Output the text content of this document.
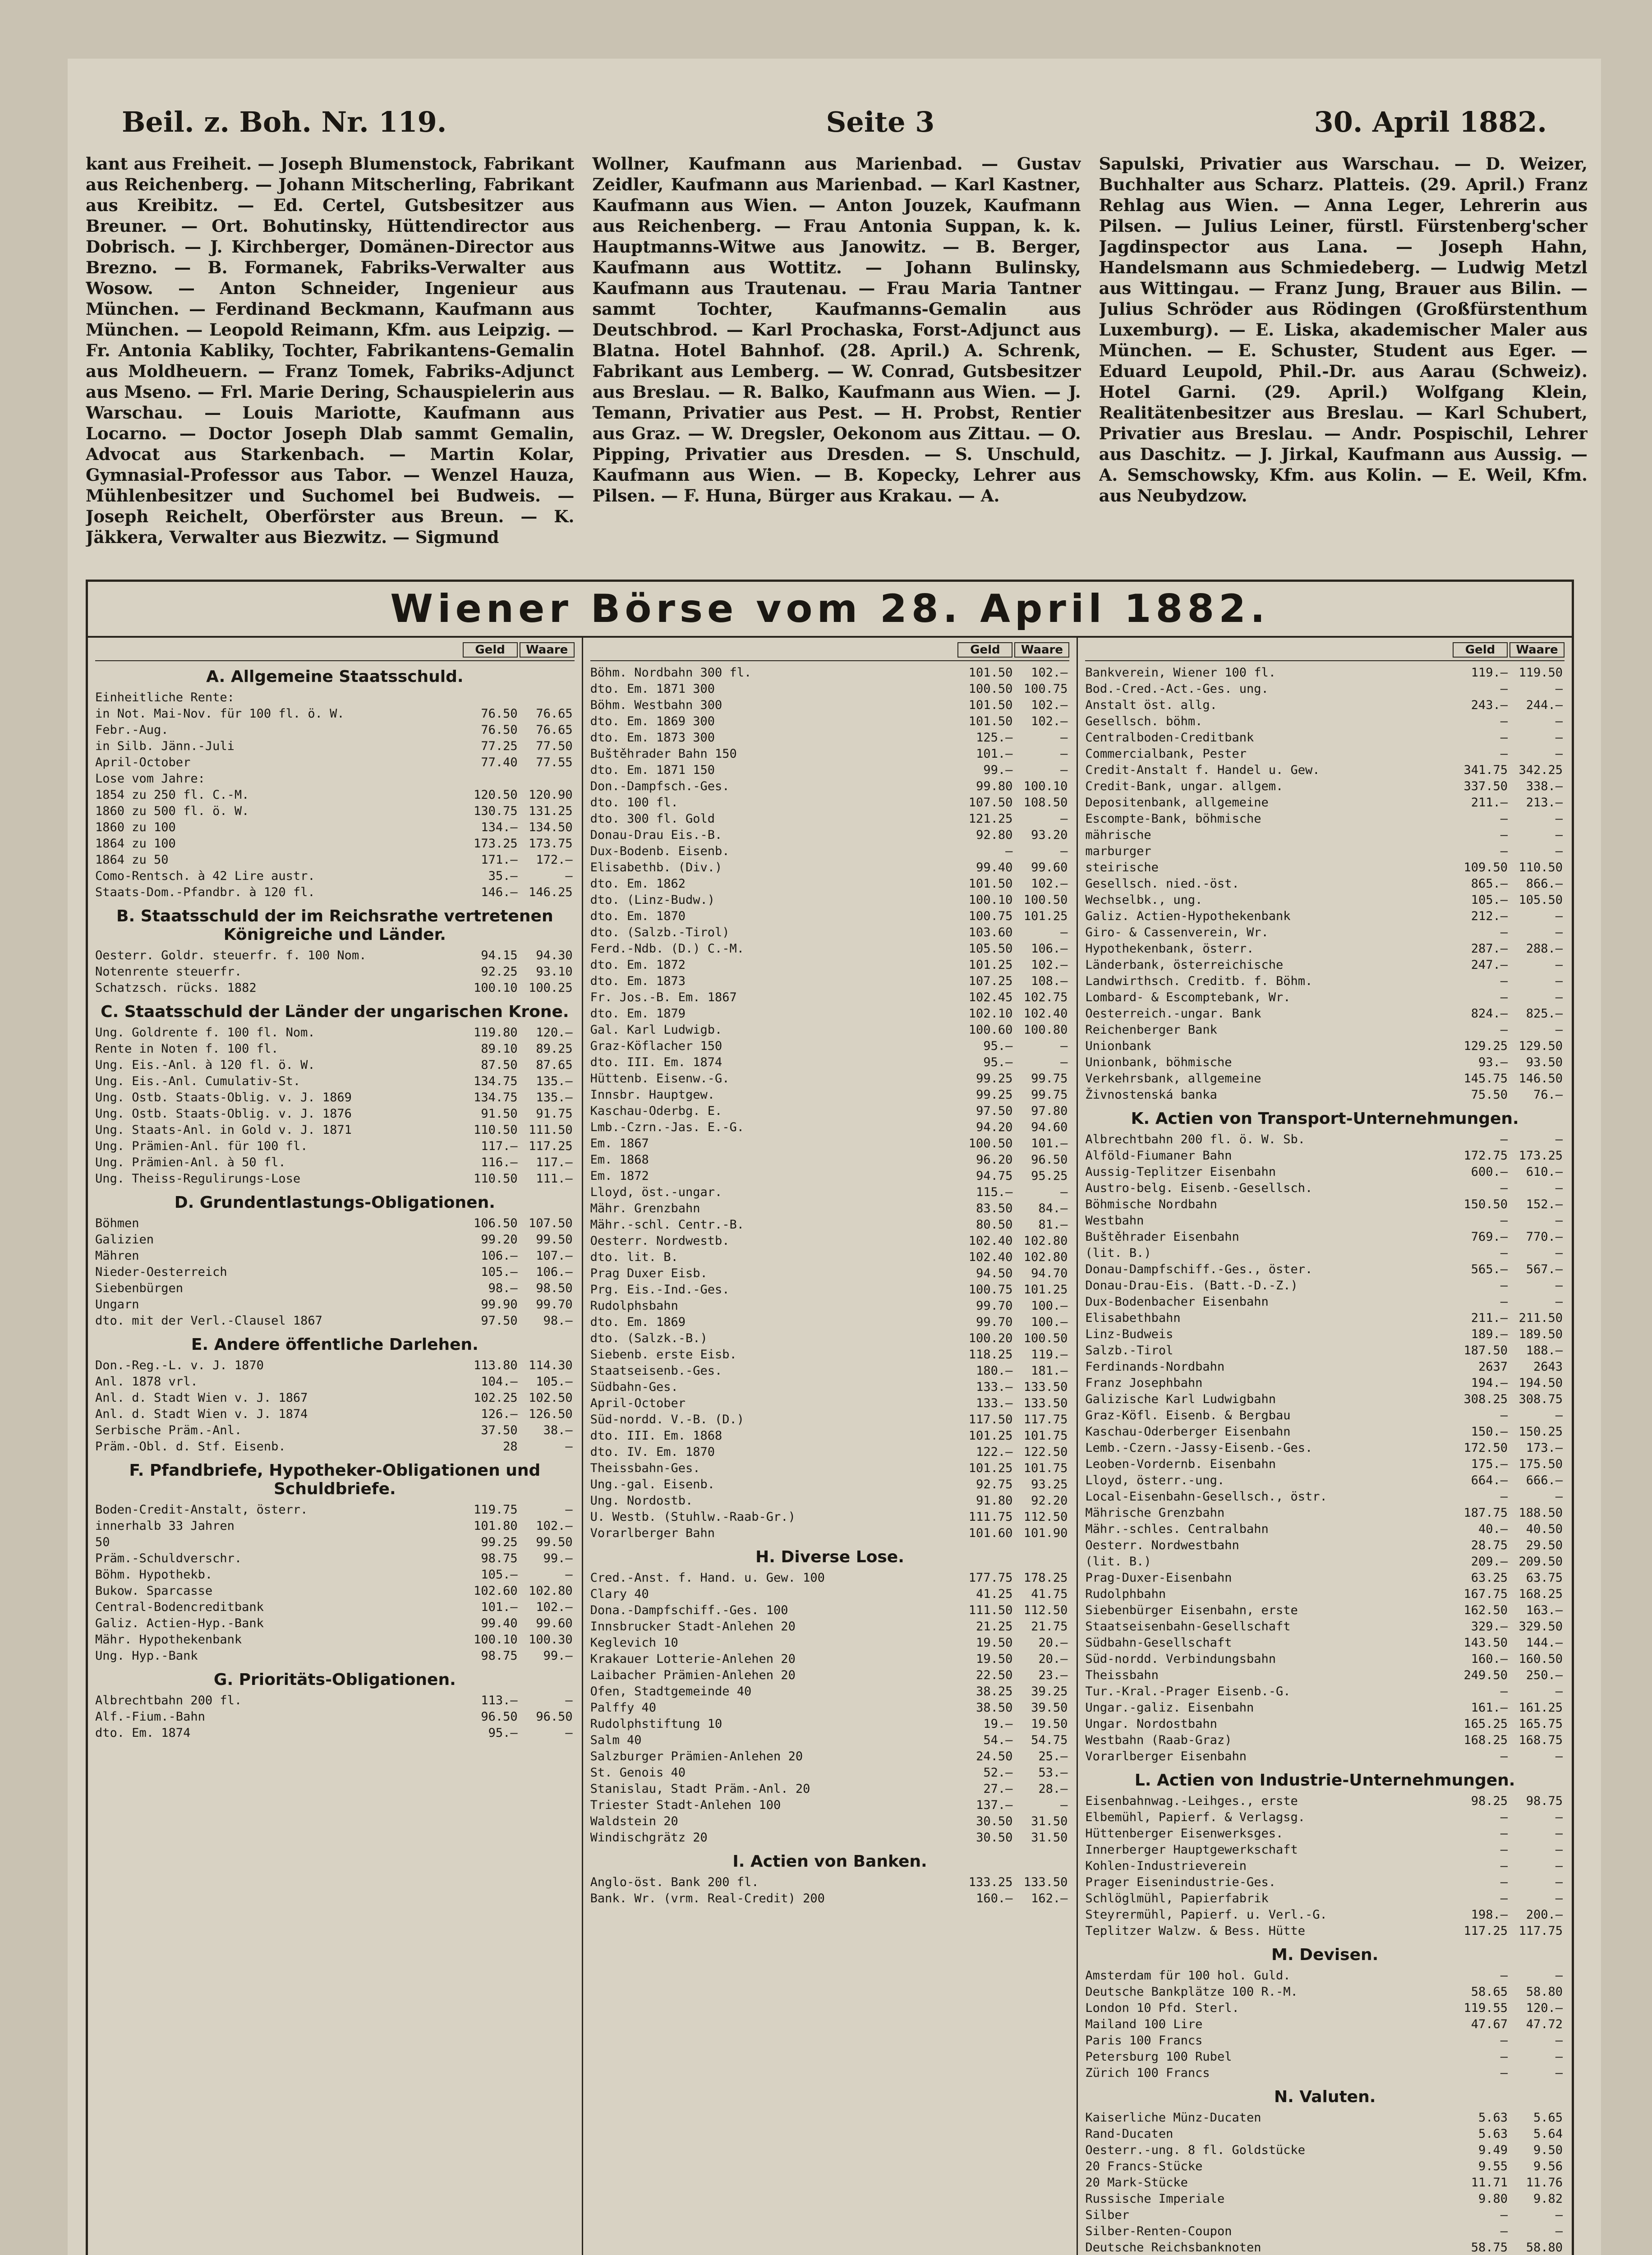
Beil. z. Boh. Nr. 119.	Seite 3	30. April 1882.
kant aus Freiheit. — Joseph Blumenstock, Fabrikant aus Reichenberg. — Johann Mitscherling, Fabrikant aus Kreibitz. — Ed. Certel, Gutsbesitzer aus Breuner. — Ort. Bohutinsky, Hüttendirector aus Dobrisch. — J. Kirchberger, Domänen-Director aus Brezno. — B. Formanek, Fabriks-Verwalter aus Wosow. — Anton Schneider, Ingenieur aus München. — Ferdinand Beckmann, Kaufmann aus München. — Leopold Reimann, Kfm. aus Leipzig. — Fr. Antonia Kabliky, Tochter, Fabrikantens-Gemalin aus Moldheuern. — Franz Tomek, Fabriks-Adjunct aus Mseno. — Frl. Marie Dering, Schauspielerin aus Warschau. — Louis Mariotte, Kaufmann aus Locarno. — Doctor Joseph Dlab sammt Gemalin, Advocat aus Starkenbach. — Martin Kolar, Gymnasial-Professor aus Tabor. — Wenzel Hauza, Mühlenbesitzer und Suchomel bei Budweis. — Joseph Reichelt, Oberförster aus Breun. — K. Jäkkera, Verwalter aus Biezwitz. — Sigmund
Wollner, Kaufmann aus Marienbad. — Gustav Zeidler, Kaufmann aus Marienbad. — Karl Kastner, Kaufmann aus Wien. — Anton Jouzek, Kaufmann aus Reichenberg. — Frau Antonia Suppan, k. k. Hauptmanns-Witwe aus Janowitz. — B. Berger, Kaufmann aus Wottitz. — Johann Bulinsky, Kaufmann aus Trautenau. — Frau Maria Tantner sammt Tochter, Kaufmanns-Gemalin aus Deutschbrod. — Karl Prochaska, Forst-Adjunct aus Blatna. Hotel Bahnhof. (28. April.) A. Schrenk, Fabrikant aus Lemberg. — W. Conrad, Gutsbesitzer aus Breslau. — R. Balko, Kaufmann aus Wien. — J. Temann, Privatier aus Pest. — H. Probst, Rentier aus Graz. — W. Dregsler, Oekonom aus Zittau. — O. Pipping, Privatier aus Dresden. — S. Unschuld, Kaufmann aus Wien. — B. Kopecky, Lehrer aus Pilsen. — F. Huna, Bürger aus Krakau. — A.
Sapulski, Privatier aus Warschau. — D. Weizer, Buchhalter aus Scharz. Platteis. (29. April.) Franz Rehlag aus Wien. — Anna Leger, Lehrerin aus Pilsen. — Julius Leiner, fürstl. Fürstenberg'scher Jagdinspector aus Lana. — Joseph Hahn, Handelsmann aus Schmiedeberg. — Ludwig Metzl aus Wittingau. — Franz Jung, Brauer aus Bilin. — Julius Schröder aus Rödingen (Großfürstenthum Luxemburg). — E. Liska, akademischer Maler aus München. — E. Schuster, Student aus Eger. — Eduard Leupold, Phil.-Dr. aus Aarau (Schweiz). Hotel Garni. (29. April.) Wolfgang Klein, Realitätenbesitzer aus Breslau. — Karl Schubert, Privatier aus Breslau. — Andr. Pospischil, Lehrer aus Daschitz. — J. Jirkal, Kaufmann aus Aussig. — A. Semschowsky, Kfm. aus Kolin. — E. Weil, Kfm. aus Neubydzow.
Wiener Börse vom 28. April 1882.
Geld	Waare
A. Allgemeine Staatsschuld.
Einheitliche Rente:
in Not. Mai-Nov. für 100 fl. ö. W.	76.50	76.65
Febr.-Aug.	76.50	76.65
in Silb. Jänn.-Juli	77.25	77.50
April-October	77.40	77.55
Lose vom Jahre:
1854 zu 250 fl. C.-M.	120.50 120.90
1860 zu 500 fl. ö. W.	130.75 131.25
1860 zu 100	134.— 134.50
1864 zu 100	173.25 173.75
1864 zu 50	171.—	172.—
Como-Rentsch. à 42 Lire austr.	35.—	—
Staats-Dom.-Pfandbr. à 120 fl.	146.— 146.25
B. Staatsschuld der im Reichsrathe vertretenen Königreiche und Länder.
Oesterr. Goldr. steuerfr. f. 100 Nom.	94.15	94.30
Notenrente steuerfr.	92.25	93.10
Schatzsch. rücks. 1882	100.10 100.25
C. Staatsschuld der Länder der ungarischen Krone.
Ung. Goldrente f. 100 fl. Nom.	119.80	120.—
Rente in Noten f. 100 fl.	89.10	89.25
Ung. Eis.-Anl. à 120 fl. ö. W.	87.50	87.65
Ung. Eis.-Anl. Cumulativ-St.	134.75	135.—
Ung. Ostb. Staats-Oblig. v. J. 1869	134.75	135.—
Ung. Ostb. Staats-Oblig. v. J. 1876	91.50	91.75
Ung. Staats-Anl. in Gold v. J. 1871	110.50 111.50
Ung. Prämien-Anl. für 100 fl.	117.— 117.25
Ung. Prämien-Anl. à 50 fl.	116.—	117.—
Ung. Theiss-Regulirungs-Lose	110.50	111.—
D. Grundentlastungs-Obligationen.
Böhmen	106.50 107.50
Galizien	99.20	99.50
Mähren	106.—	107.—
Nieder-Oesterreich	105.—	106.—
Siebenbürgen	98.—	98.50
Ungarn	99.90	99.70
dto. mit der Verl.-Clausel 1867	97.50	98.—
E. Andere öffentliche Darlehen.
Don.-Reg.-L. v. J. 1870	113.80 114.30
Anl. 1878 vrl.	104.—	105.—
Anl. d. Stadt Wien v. J. 1867	102.25 102.50
Anl. d. Stadt Wien v. J. 1874	126.— 126.50
Serbische Präm.-Anl.	37.50	38.—
Präm.-Obl. d. Stf. Eisenb.	28	—
F. Pfandbriefe, Hypotheker-Obligationen und Schuldbriefe.
Boden-Credit-Anstalt, österr.	119.75	—
innerhalb 33 Jahren	101.80	102.—
50	99.25	99.50
Präm.-Schuldverschr.	98.75	99.—
Böhm. Hypothekb.	105.—	—
Bukow. Sparcasse	102.60 102.80
Central-Bodencreditbank	101.—	102.—
Galiz. Actien-Hyp.-Bank	99.40	99.60
Mähr. Hypothekenbank	100.10 100.30
Ung. Hyp.-Bank	98.75	99.—
G. Prioritäts-Obligationen.
Albrechtbahn 200 fl.	113.—	—
Alf.-Fium.-Bahn	96.50	96.50
dto. Em. 1874	95.—	—
Geld	Waare
Böhm. Nordbahn 300 fl.	101.50	102.—
dto. Em. 1871 300	100.50 100.75
Böhm. Westbahn 300	101.50	102.—
dto. Em. 1869 300	101.50	102.—
dto. Em. 1873 300	125.—	—
Buštěhrader Bahn 150	101.—	—
dto. Em. 1871 150	99.—	—
Don.-Dampfsch.-Ges.	99.80 100.10
dto. 100 fl.	107.50 108.50
dto. 300 fl. Gold	121.25	—
Donau-Drau Eis.-B.	92.80	93.20
Dux-Bodenb. Eisenb.	—	—
Elisabethb. (Div.)	99.40	99.60
dto. Em. 1862	101.50	102.—
dto. (Linz-Budw.)	100.10 100.50
dto. Em. 1870	100.75 101.25
dto. (Salzb.-Tirol)	103.60	—
Ferd.-Ndb. (D.) C.-M.	105.50	106.—
dto. Em. 1872	101.25	102.—
dto. Em. 1873	107.25	108.—
Fr. Jos.-B. Em. 1867	102.45 102.75
dto. Em. 1879	102.10 102.40
Gal. Karl Ludwigb.	100.60 100.80
Graz-Köflacher 150	95.—	—
dto. III. Em. 1874	95.—	—
Hüttenb. Eisenw.-G.	99.25	99.75
Innsbr. Hauptgew.	99.25	99.75
Kaschau-Oderbg. E.	97.50	97.80
Lmb.-Czrn.-Jas. E.-G.	94.20	94.60
Em. 1867	100.50	101.—
Em. 1868	96.20	96.50
Em. 1872	94.75	95.25
Lloyd, öst.-ungar.	115.—	—
Mähr. Grenzbahn	83.50	84.—
Mähr.-schl. Centr.-B.	80.50	81.—
Oesterr. Nordwestb.	102.40 102.80
dto. lit. B.	102.40 102.80
Prag Duxer Eisb.	94.50	94.70
Prg. Eis.-Ind.-Ges.	100.75 101.25
Rudolphsbahn	99.70	100.—
dto. Em. 1869	99.70	100.—
dto. (Salzk.-B.)	100.20 100.50
Siebenb. erste Eisb.	118.25	119.—
Staatseisenb.-Ges.	180.—	181.—
Südbahn-Ges.	133.— 133.50
April-October	133.— 133.50
Süd-nordd. V.-B. (D.)	117.50 117.75
dto. III. Em. 1868	101.25 101.75
dto. IV. Em. 1870	122.— 122.50
Theissbahn-Ges.	101.25 101.75
Ung.-gal. Eisenb.	92.75	93.25
Ung. Nordostb.	91.80	92.20
U. Westb. (Stuhlw.-Raab-Gr.)	111.75 112.50
Vorarlberger Bahn	101.60 101.90
H. Diverse Lose.
Cred.-Anst. f. Hand. u. Gew. 100	177.75 178.25
Clary 40	41.25	41.75
Dona.-Dampfschiff.-Ges. 100	111.50 112.50
Innsbrucker Stadt-Anlehen 20	21.25	21.75
Keglevich 10	19.50	20.—
Krakauer Lotterie-Anlehen 20	19.50	20.—
Laibacher Prämien-Anlehen 20	22.50	23.—
Ofen, Stadtgemeinde 40	38.25	39.25
Palffy 40	38.50	39.50
Rudolphstiftung 10	19.—	19.50
Salm 40	54.—	54.75
Salzburger Prämien-Anlehen 20	24.50	25.—
St. Genois 40	52.—	53.—
Stanislau, Stadt Präm.-Anl. 20	27.—	28.—
Triester Stadt-Anlehen 100	137.—	—
Waldstein 20	30.50	31.50
Windischgrätz 20	30.50	31.50
I. Actien von Banken.
Anglo-öst. Bank 200 fl.	133.25 133.50
Bank. Wr. (vrm. Real-Credit) 200	160.—	162.—
Geld	Waare
Bankverein, Wiener 100 fl.	119.— 119.50
Bod.-Cred.-Act.-Ges. ung.	—	—
Anstalt öst. allg.	243.—	244.—
Gesellsch. böhm.	—	—
Centralboden-Creditbank	—	—
Commercialbank, Pester	—	—
Credit-Anstalt f. Handel u. Gew.	341.75 342.25
Credit-Bank, ungar. allgem.	337.50	338.—
Depositenbank, allgemeine	211.—	213.—
Escompte-Bank, böhmische	—	—
mährische	—	—
marburger	—	—
steirische	109.50 110.50
Gesellsch. nied.-öst.	865.—	866.—
Wechselbk., ung.	105.— 105.50
Galiz. Actien-Hypothekenbank	212.—	—
Giro- & Cassenverein, Wr.	—	—
Hypothekenbank, österr.	287.—	288.—
Länderbank, österreichische	247.—	—
Landwirthsch. Creditb. f. Böhm.	—	—
Lombard- & Escomptebank, Wr.	—	—
Oesterreich.-ungar. Bank	824.—	825.—
Reichenberger Bank	—	—
Unionbank	129.25 129.50
Unionbank, böhmische	93.—	93.50
Verkehrsbank, allgemeine	145.75 146.50
Živnostenská banka	75.50	76.—
K. Actien von Transport-Unternehmungen.
Albrechtbahn 200 fl. ö. W. Sb.	—	—
Alföld-Fiumaner Bahn	172.75 173.25
Aussig-Teplitzer Eisenbahn	600.—	610.—
Austro-belg. Eisenb.-Gesellsch.	—	—
Böhmische Nordbahn	150.50	152.—
Westbahn	—	—
Buštěhrader Eisenbahn	769.—	770.—
(lit. B.)	—	—
Donau-Dampfschiff.-Ges., öster.	565.—	567.—
Donau-Drau-Eis. (Batt.-D.-Z.)	—	—
Dux-Bodenbacher Eisenbahn	—	—
Elisabethbahn	211.— 211.50
Linz-Budweis	189.— 189.50
Salzb.-Tirol	187.50	188.—
Ferdinands-Nordbahn	2637	2643
Franz Josephbahn	194.— 194.50
Galizische Karl Ludwigbahn	308.25 308.75
Graz-Köfl. Eisenb. & Bergbau	—	—
Kaschau-Oderberger Eisenbahn	150.— 150.25
Lemb.-Czern.-Jassy-Eisenb.-Ges.	172.50	173.—
Leoben-Vordernb. Eisenbahn	175.— 175.50
Lloyd, österr.-ung.	664.—	666.—
Local-Eisenbahn-Gesellsch., östr.	—	—
Mährische Grenzbahn	187.75 188.50
Mähr.-schles. Centralbahn	40.—	40.50
Oesterr. Nordwestbahn	28.75	29.50
(lit. B.)	209.— 209.50
Prag-Duxer-Eisenbahn	63.25	63.75
Rudolphbahn	167.75 168.25
Siebenbürger Eisenbahn, erste	162.50	163.—
Staatseisenbahn-Gesellschaft	329.— 329.50
Südbahn-Gesellschaft	143.50	144.—
Süd-nordd. Verbindungsbahn	160.— 160.50
Theissbahn	249.50	250.—
Tur.-Kral.-Prager Eisenb.-G.	—	—
Ungar.-galiz. Eisenbahn	161.— 161.25
Ungar. Nordostbahn	165.25 165.75
Westbahn (Raab-Graz)	168.25 168.75
Vorarlberger Eisenbahn	—	—
L. Actien von Industrie-Unternehmungen.
Eisenbahnwag.-Leihges., erste	98.25	98.75
Elbemühl, Papierf. & Verlagsg.	—	—
Hüttenberger Eisenwerksges.	—	—
Innerberger Hauptgewerkschaft	—	—
Kohlen-Industrieverein	—	—
Prager Eisenindustrie-Ges.	—	—
Schlöglmühl, Papierfabrik	—	—
Steyrermühl, Papierf. u. Verl.-G.	198.—	200.—
Teplitzer Walzw. & Bess. Hütte	117.25 117.75
M. Devisen.
Amsterdam für 100 hol. Guld.	—	—
Deutsche Bankplätze 100 R.-M.	58.65	58.80
London 10 Pfd. Sterl.	119.55	120.—
Mailand 100 Lire	47.67	47.72
Paris 100 Francs	—	—
Petersburg 100 Rubel	—	—
Zürich 100 Francs	—	—
N. Valuten.
Kaiserliche Münz-Ducaten	5.63	5.65
Rand-Ducaten	5.63	5.64
Oesterr.-ung. 8 fl. Goldstücke	9.49	9.50
20 Francs-Stücke	9.55	9.56
20 Mark-Stücke	11.71	11.76
Russische Imperiale	9.80	9.82
Silber	—	—
Silber-Renten-Coupon	—	—
Deutsche Reichsbanknoten	58.75	58.80
